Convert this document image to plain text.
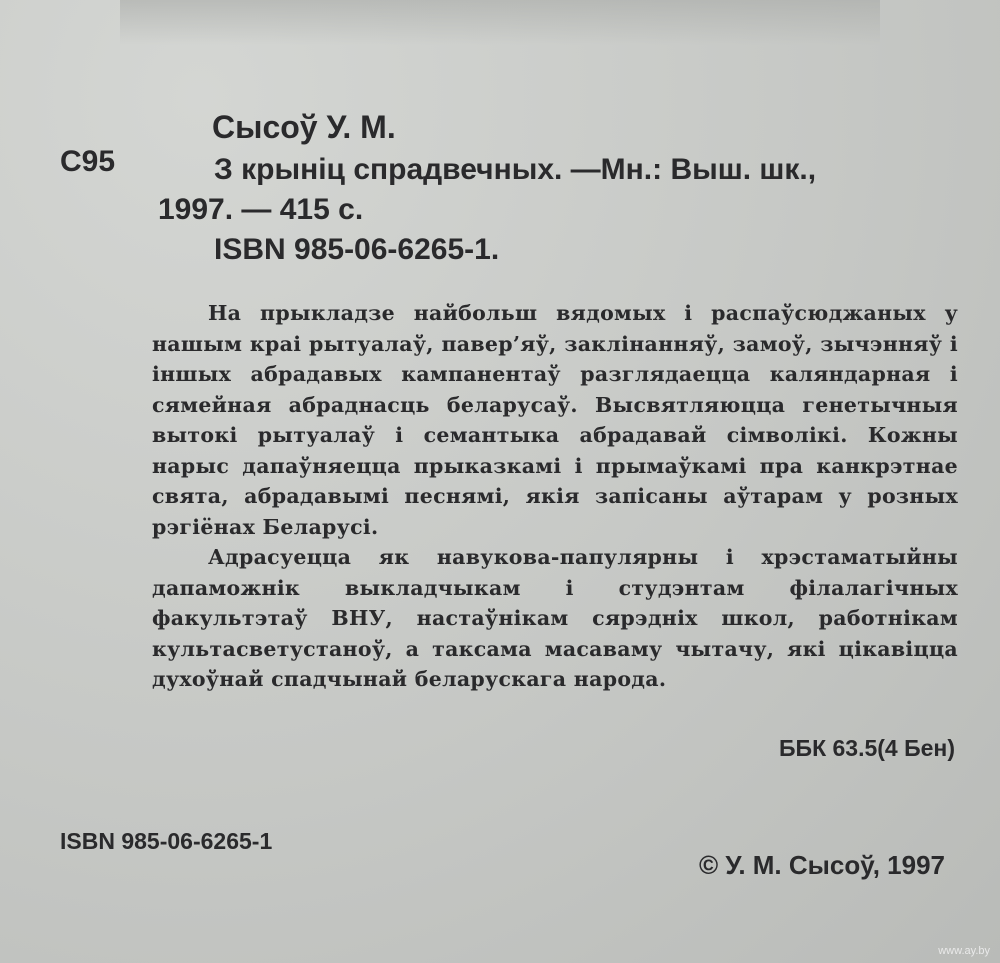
С95
Сысоў У. М.
З крыніц спрадвечных. —Мн.: Выш. шк.,
1997. — 415 с.
ISBN 985-06-6265-1.

На прыкладзе найбольш вядомых і распаўсюджаных у нашым краі рытуалаў, павер’яў, заклінанняў, замоў, зычэнняў і іншых абрадавых кампанентаў разглядаецца каляндарная і сямейная абраднасць беларусаў. Высвятляюцца генетычныя вытокі рытуалаў і семантыка абрадавай сімволікі. Кожны нарыс дапаўняецца прыказкамі і прымаўкамі пра канкрэтнае свята, абрадавымі песнямі, якія запісаны аўтарам у розных рэгіёнах Беларусі.

Адрасуецца як навукова-папулярны і хрэстаматыйны дапаможнік выкладчыкам і студэнтам філалагічных факультэтаў ВНУ, настаўнікам сярэдніх школ, работнікам культасветустаноў, а таксама масаваму чытачу, які цікавіцца духоўнай спадчынай беларускага народа.

ББК 63.5(4 Бен)
ISBN 985-06-6265-1
© У. М. Сысоў, 1997
www.ay.by
